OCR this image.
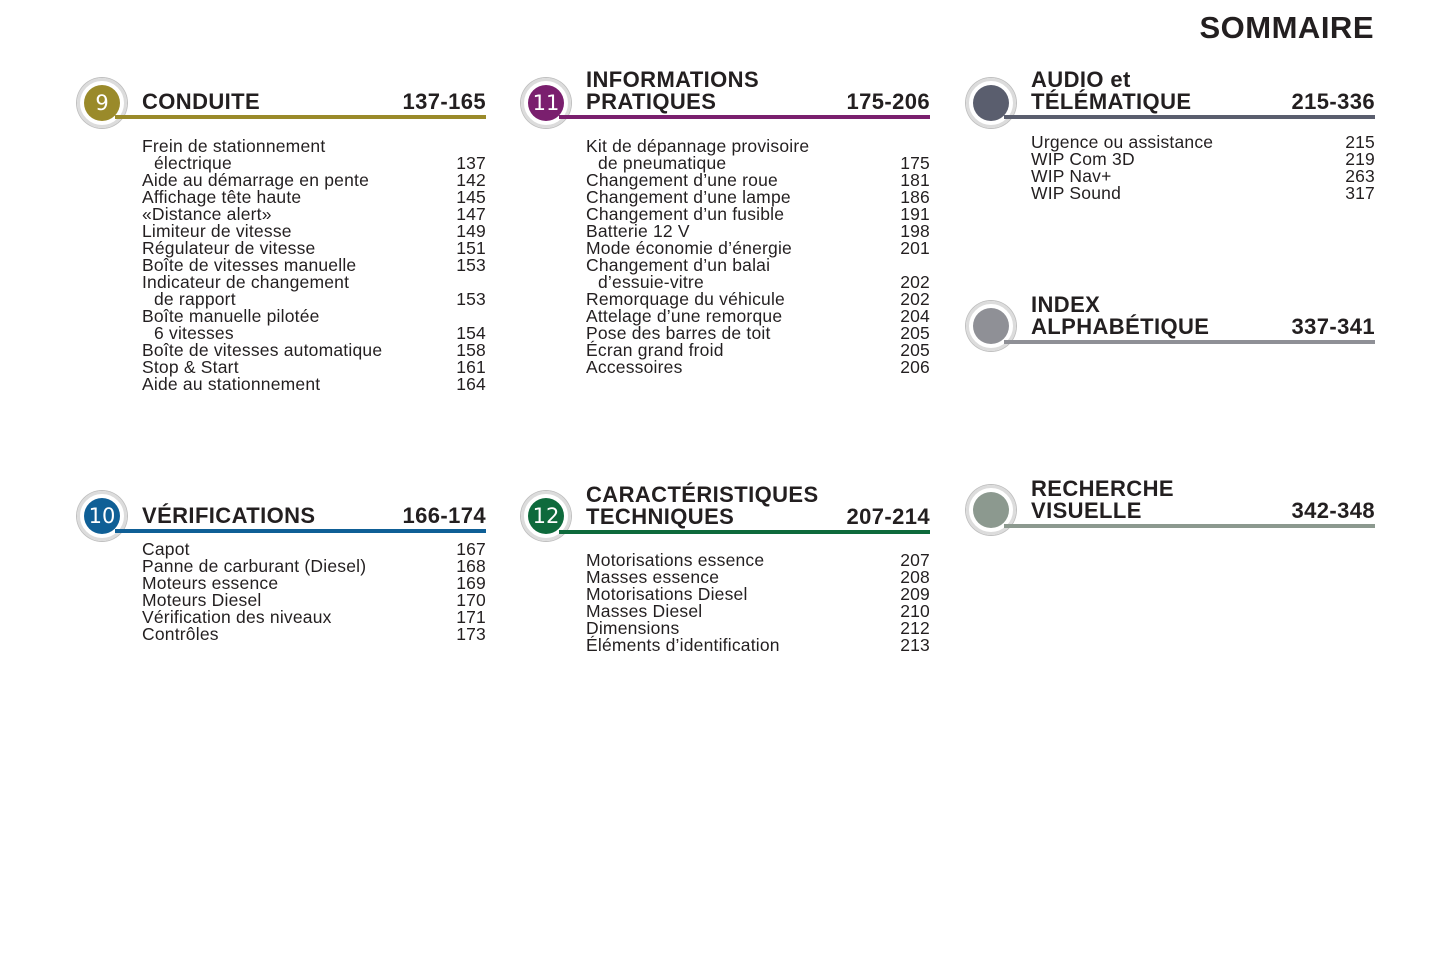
SOMMAIRE
9	CONDUITE	137-165
Frein de stationnement
électrique	137
Aide au démarrage en pente	142
Affichage tête haute	145
«Distance alert»	147
Limiteur de vitesse	149
Régulateur de vitesse	151
Boîte de vitesses manuelle	153
Indicateur de changement
de rapport	153
Boîte manuelle pilotée
6 vitesses	154
Boîte de vitesses automatique	158
Stop & Start	161
Aide au stationnement	164
11
INFORMATIONS
PRATIQUES	175-206
Kit de dépannage provisoire
de pneumatique	175
Changement d’une roue	181
Changement d’une lampe	186
Changement d’un fusible	191
Batterie 12 V	198
Mode économie d’énergie	201
Changement d’un balai
d’essuie-vitre	202
Remorquage du véhicule	202
Attelage d’une remorque	204
Pose des barres de toit	205
Écran grand froid	205
Accessoires	206
AUDIO et
TÉLÉMATIQUE	215-336
Urgence ou assistance	215
WIP Com 3D	219
WIP Nav+	263
WIP Sound	317
INDEX
ALPHABÉTIQUE	337-341
10 VÉRIFICATIONS	166-174
Capot	167
Panne de carburant (Diesel)	168
Moteurs essence	169
Moteurs Diesel	170
Vérification des niveaux	171
Contrôles	173
12
CARACTÉRISTIQUES
TECHNIQUES	207-214
Motorisations essence	207
Masses essence	208
Motorisations Diesel	209
Masses Diesel	210
Dimensions	212
Éléments d’identification	213
RECHERCHE
VISUELLE	342-348
